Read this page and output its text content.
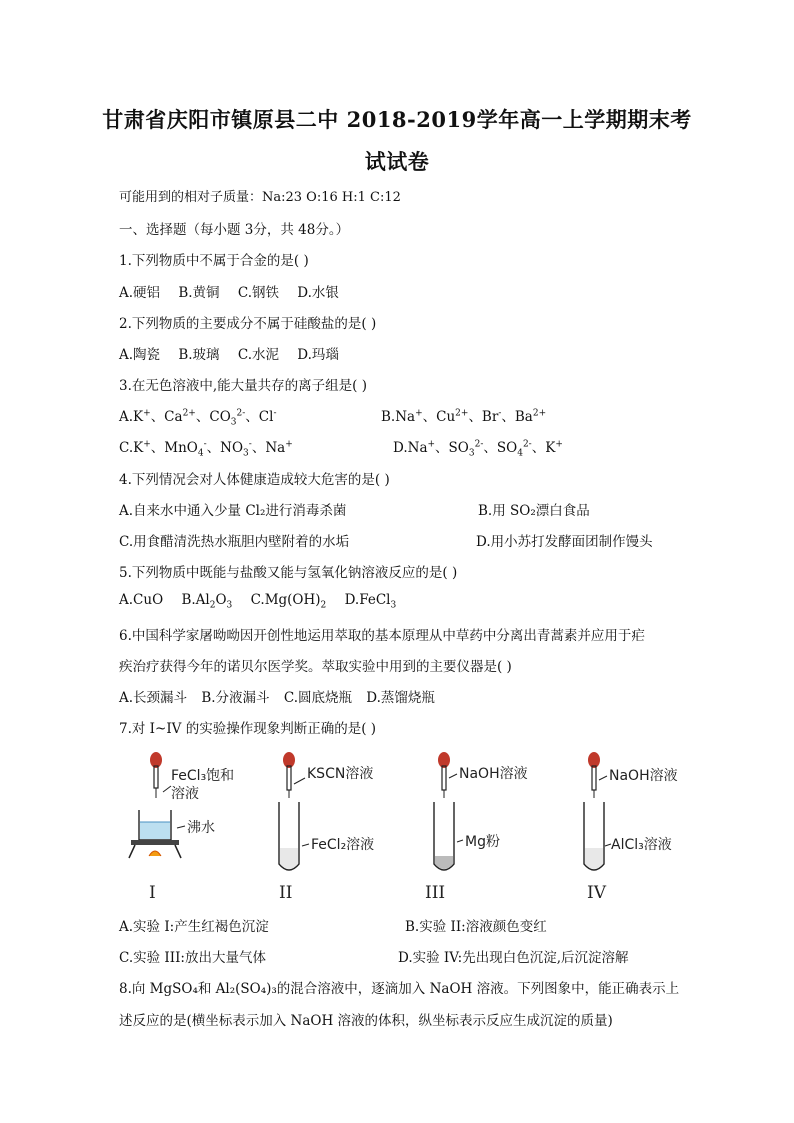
甘肃省庆阳市镇原县二中 2018-2019学年高一上学期期末考
试试卷
可能用到的相对子质量：Na:23 O:16 H:1 C:12
一、选择题（每小题 3分，共 48分。）
1.下列物质中不属于合金的是( )
A.硬铝 B.黄铜 C.钢铁 D.水银
2.下列物质的主要成分不属于硅酸盐的是( )
A.陶瓷 B.玻璃 C.水泥 D.玛瑙
3.在无色溶液中,能大量共存的离子组是( )
A.K+、$Ca^{2+}$、$CO_3^{2-}$、Cl-	B.Na+、$Cu^{2+}$、Br-、$Ba^{2+}$
C.K+、MnO$_4$-、$NO_3^-$、Na+	D.Na+、$SO_3^{2-}$、$SO_4^{2-}$、K+
4.下列情况会对人体健康造成较大危害的是( )
A.自来水中通入少量 Cl₂进行消毒杀菌	B.用 SO₂漂白食品
C.用食醋清洗热水瓶胆内壁附着的水垢	D.用小苏打发酵面团制作馒头
5.下列物质中既能与盐酸又能与氢氧化钠溶液反应的是( )
A.CuO $B.Al_2O_3$ $C.Mg(OH)_2$ D.FeCl$_3$
6.中国科学家屠呦呦因开创性地运用萃取的基本原理从中草药中分离出青蒿素并应用于疟
疾治疗获得今年的诺贝尔医学奖。萃取实验中用到的主要仪器是( )
A.长颈漏斗 B.分液漏斗 C.圆底烧瓶 D.蒸馏烧瓶
7.对 I~IV 的实验操作现象判断正确的是( )
FeCl₃饱和
溶液
沸水
I
KSCN溶液
FeCl₂溶液
II
NaOH溶液
Mg粉
III
NaOH溶液
AlCl₃溶液
IV
A.实验 I:产生红褐色沉淀	B.实验 II:溶液颜色变红
C.实验 III:放出大量气体	D.实验 IV:先出现白色沉淀,后沉淀溶解
8.向 MgSO₄和 Al₂(SO₄)₃的混合溶液中，逐滴加入 NaOH 溶液。下列图象中，能正确表示上
述反应的是(横坐标表示加入 NaOH 溶液的体积，纵坐标表示反应生成沉淀的质量)
